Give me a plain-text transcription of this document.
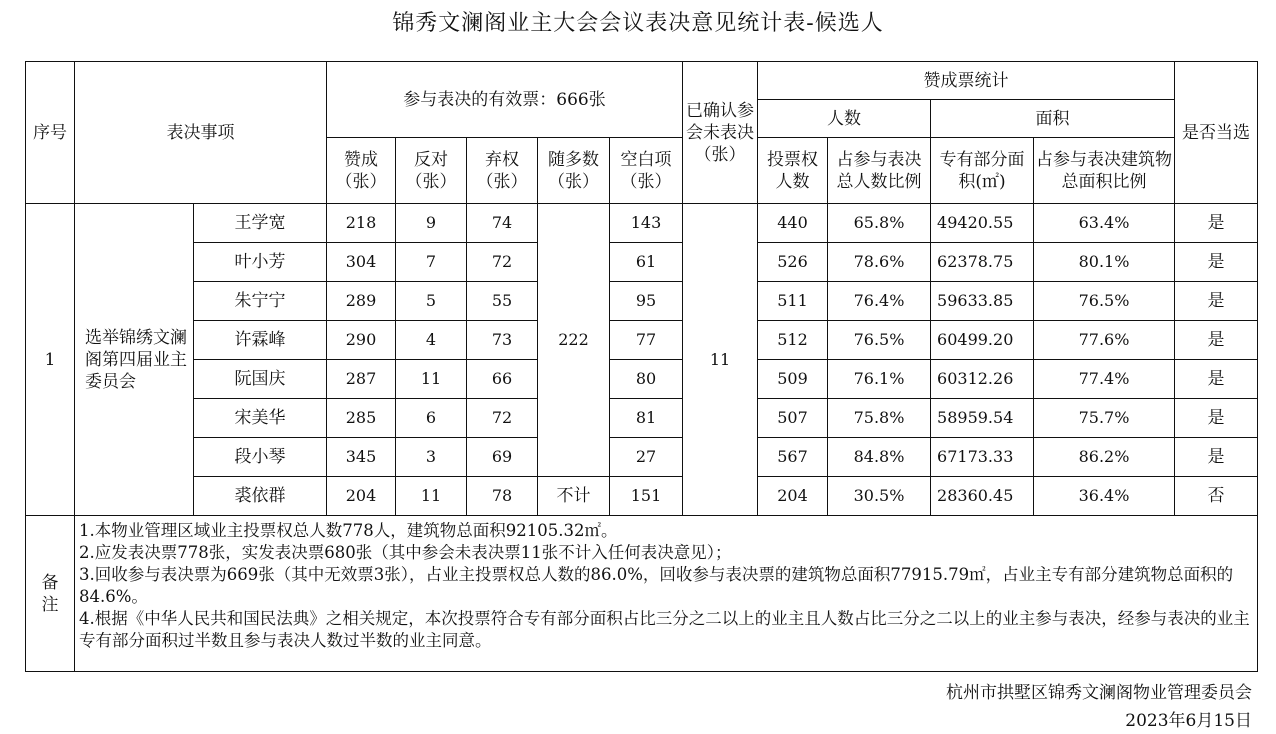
锦秀文澜阁业主大会会议表决意见统计表-候选人
序号	表决事项		参与表决的有效票：666张					已确认参会未表决（张）	赞成票统计				是否当选
									人数		面积		
			赞成（张）	反对（张）	弃权（张）	随多数（张）	空白项（张）		投票权人数	占参与表决总人数比例	专有部分面积(㎡)	占参与表决建筑物总面积比例	
1	选举锦绣文澜阁第四届业主委员会	王学宽	218	9	74	222	143	11	440	65.8%	49420.55	63.4%	是
		叶小芳	304	7	72		61		526	78.6%	62378.75	80.1%	是
		朱宁宁	289	5	55		95		511	76.4%	59633.85	76.5%	是
		许霖峰	290	4	73		77		512	76.5%	60499.20	77.6%	是
		阮国庆	287	11	66		80		509	76.1%	60312.26	77.4%	是
		宋美华	285	6	72		81		507	75.8%	58959.54	75.7%	是
		段小琴	345	3	69		27		567	84.8%	67173.33	86.2%	是
		裘依群	204	11	78	不计	151		204	30.5%	28360.45	36.4%	否
备注	1.本物业管理区域业主投票权总人数778人，建筑物总面积92105.32㎡。
2.应发表决票778张，实发表决票680张（其中参会未表决票11张不计入任何表决意见）；
3.回收参与表决票为669张（其中无效票3张），占业主投票权总人数的86.0%，回收参与表决票的建筑物总面积77915.79㎡，占业主专有部分建筑物总面积的84.6%。
4.根据《中华人民共和国民法典》之相关规定，本次投票符合专有部分面积占比三分之二以上的业主且人数占比三分之二以上的业主参与表决，经参与表决的业主专有部分面积过半数且参与表决人数过半数的业主同意。												
杭州市拱墅区锦秀文澜阁物业管理委员会
2023年6月15日
